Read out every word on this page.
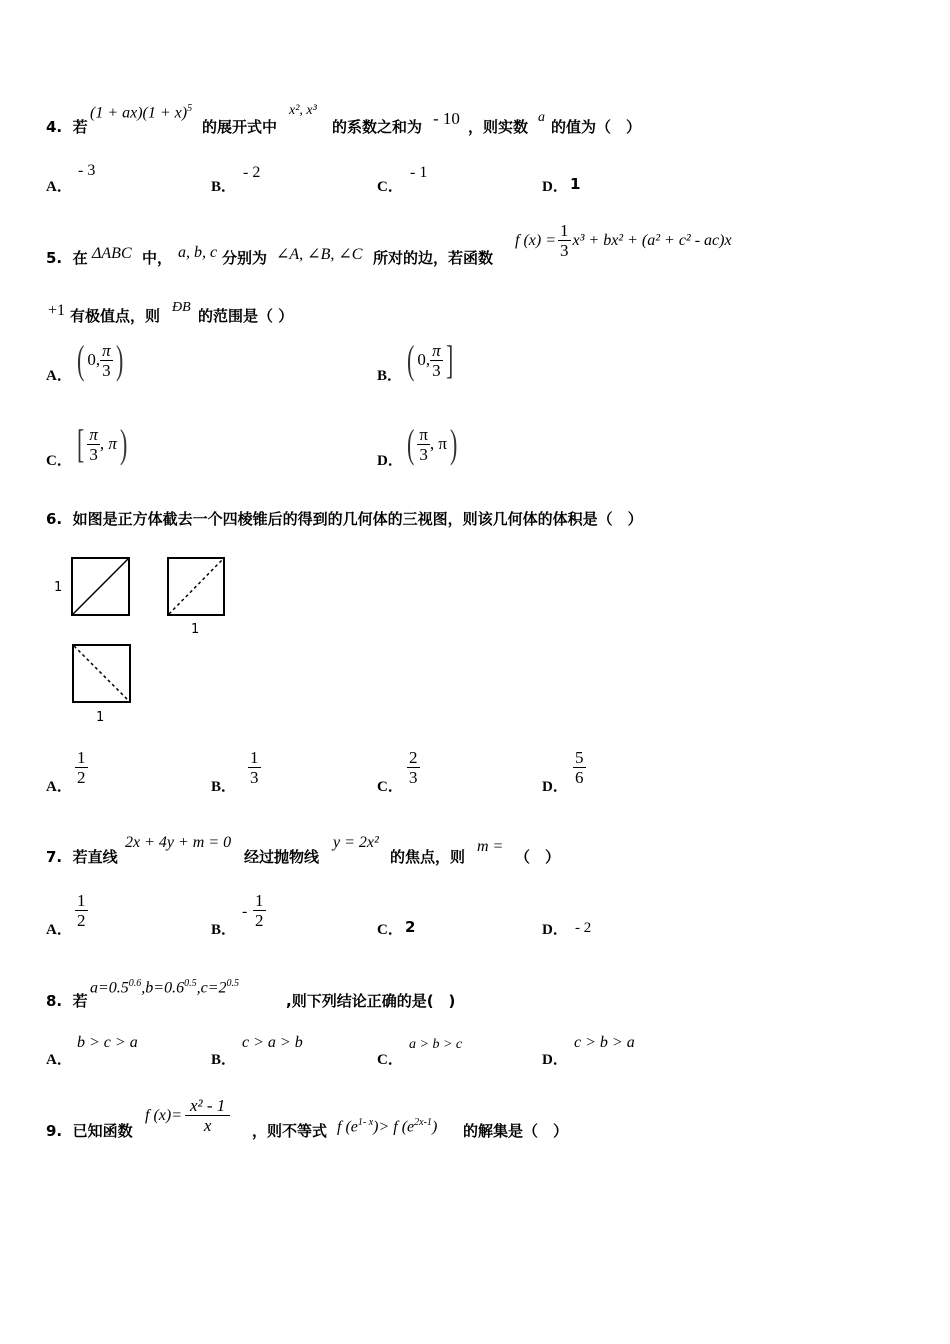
4. 若
$(1 + ax)(1 + x)^5$
的展开式中
x², x³
的系数之和为 - 10 ，则实数
a
的值为（　）
A．
- 3
B．
- 2
C．
- 1
D． 1
5. 在 ΔABC 中， a, b, c 分别为 ∠A, ∠B, ∠C 所对的边，若函数
f $(x) = \frac{1}{3} x^3 + bx^2 + (a^2 + c^2 - ac)x$
+1 有极值点，则 ÐB 的范围是（ ）
A． ( 0, $\frac{\pi}{3}$ )	B． ( 0, $\frac{\pi}{3}$ ]
C． [ $\frac{\pi}{3}$ , π )	D． ( $\frac{\pi}{3}$ , π )
6. 如图是正方体截去一个四棱锥后的得到的几何体的三视图，则该几何体的体积是（　）
1
1
1
A． $\frac{1}{2}$	B． $\frac{1}{3}$	C． $\frac{2}{3}$	D． $\frac{5}{6}$
7. 若直线
2x + 4y + m = 0
经过抛物线
y = 2x²
的焦点，则
m =
（　）
A． $\frac{1}{2}$	B．
- $\frac{1}{2}$	C． 2	D． - 2
8. 若
$a=0.5^{0.6},b=0.6^{0.5},c=2^{0.5}$
,则下列结论正确的是(　)
A．
b > c > a
B．
c > a > b
C．
a > b > c
D．
c > b > a
9. 已知函数
f $(x)= \frac{\text{x² - 1}}{x}$ ，则不等式 f $(e^{1- x})> f$ $(e^{2x-1})$ 的解集是（　）
